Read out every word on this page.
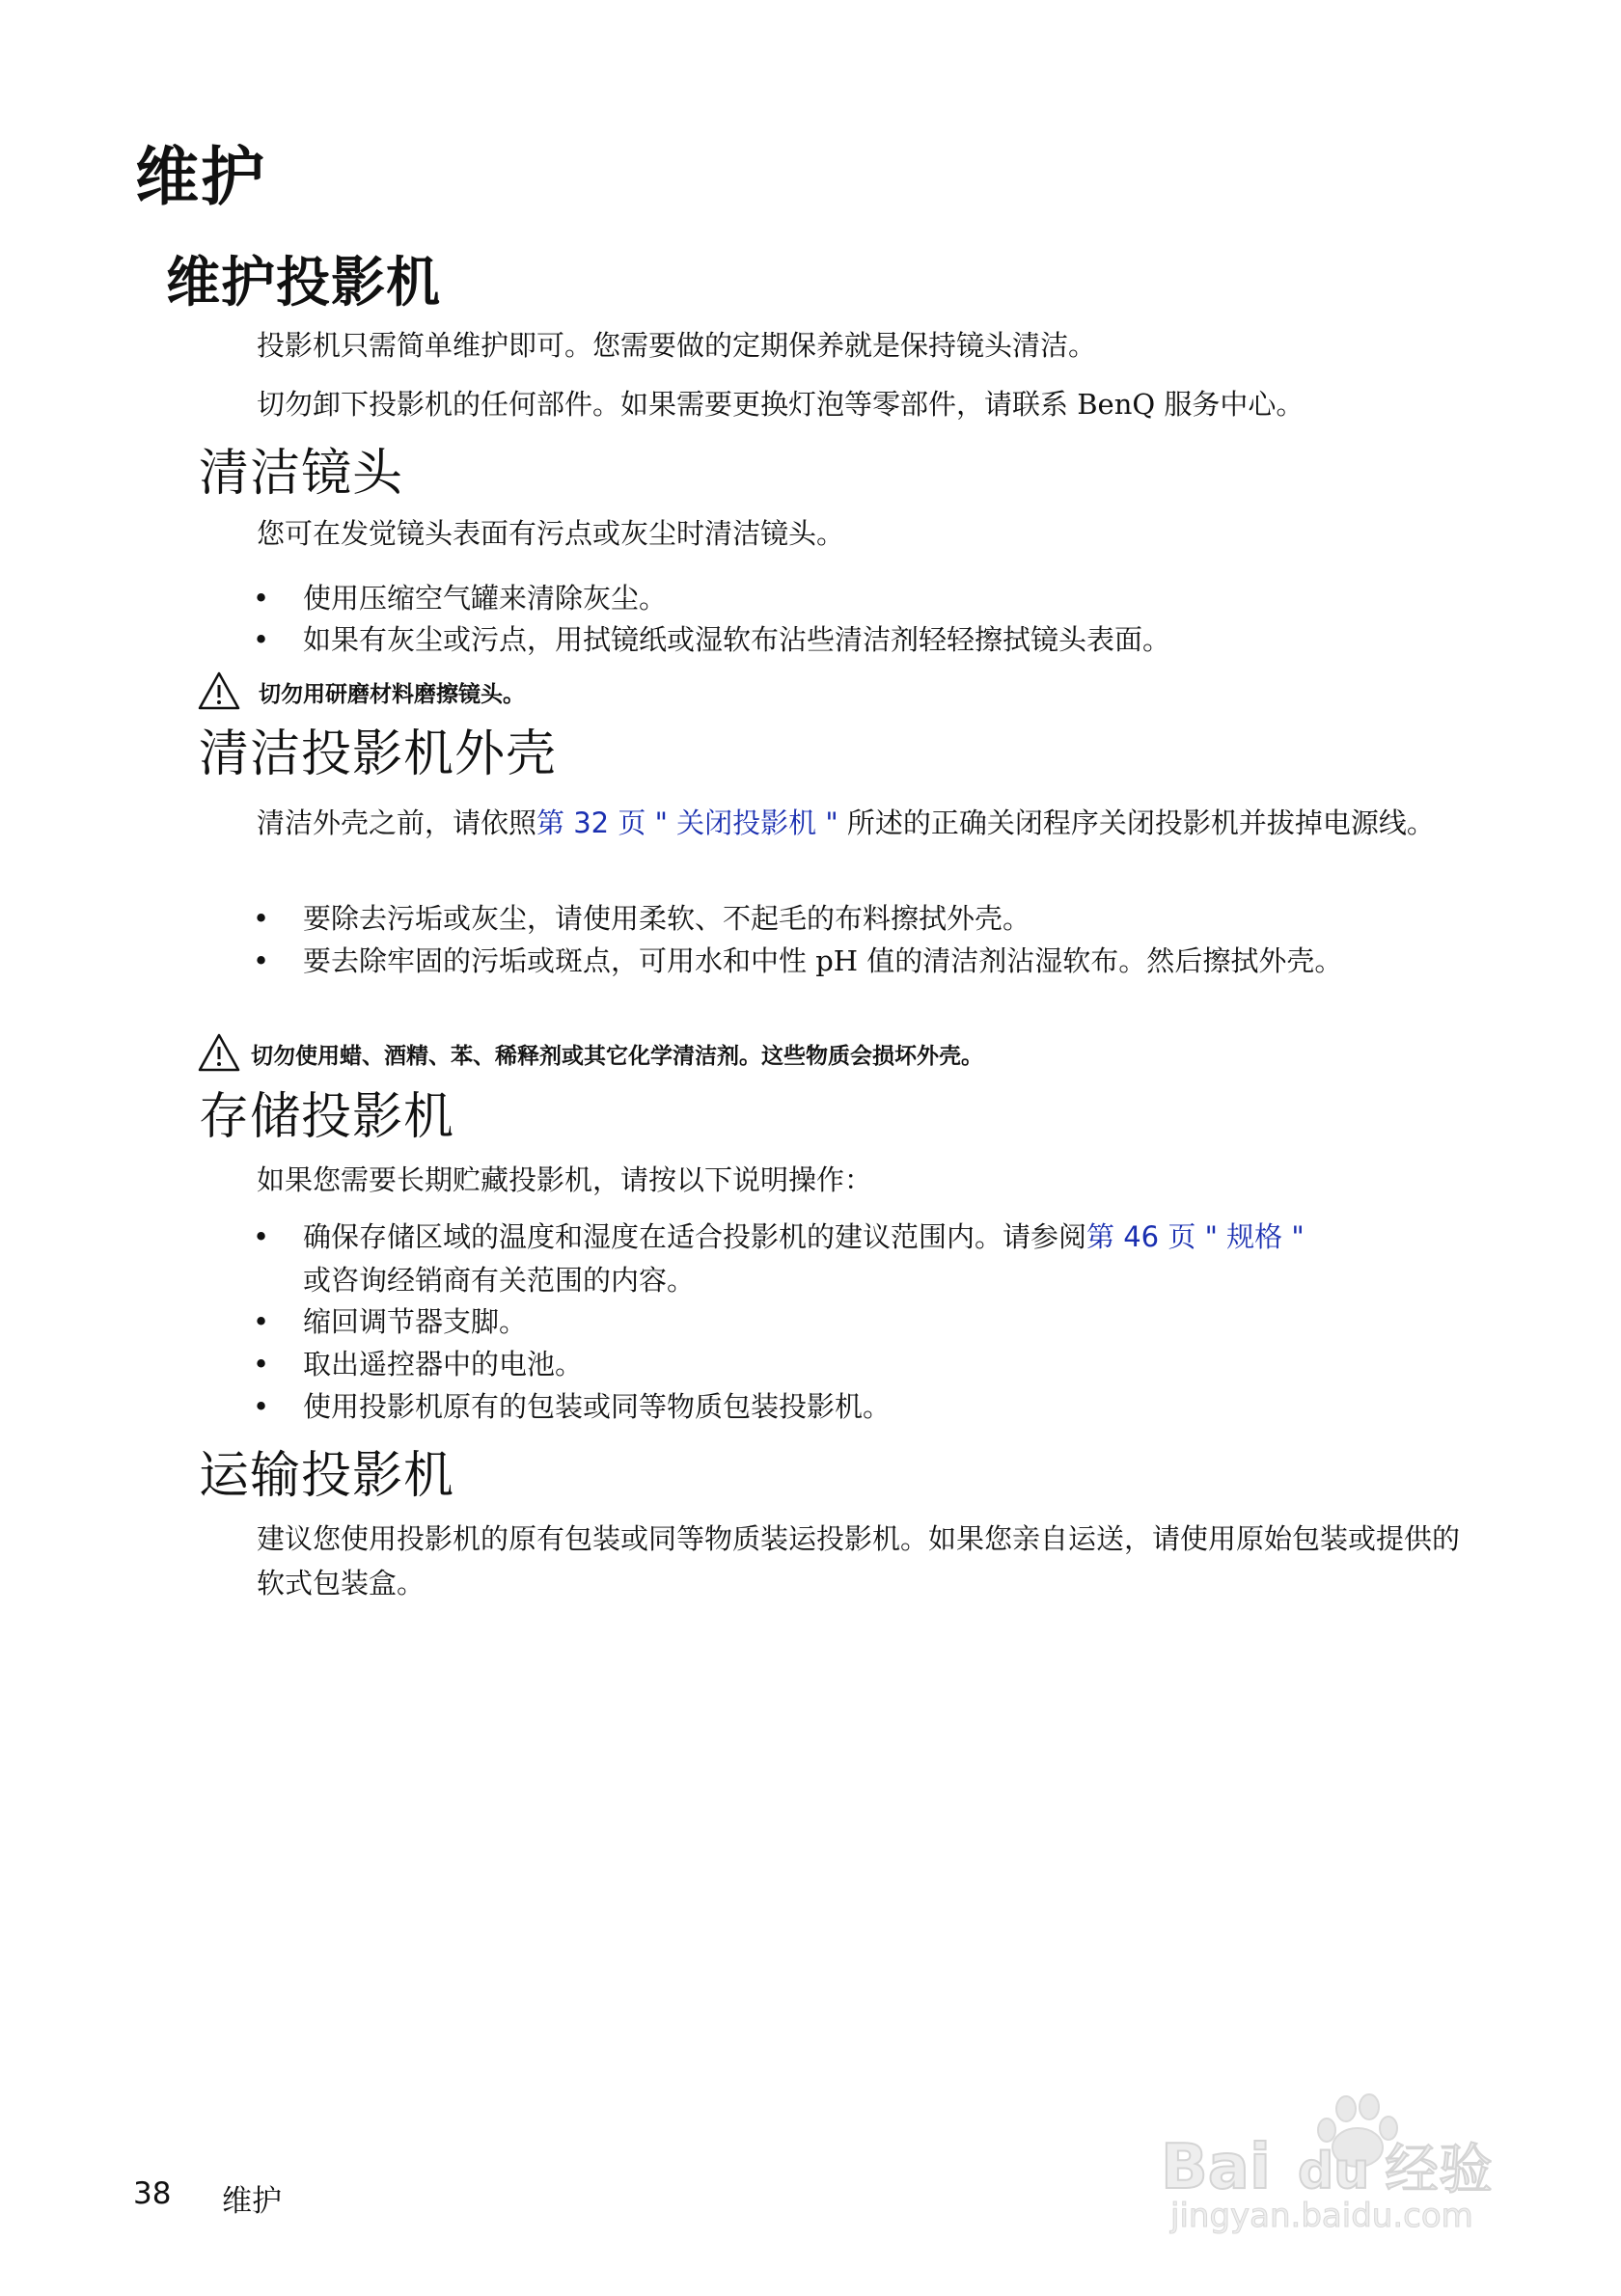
维护
维护投影机
投影机只需简单维护即可。您需要做的定期保养就是保持镜头清洁。
切勿卸下投影机的任何部件。如果需要更换灯泡等零部件，请联系 BenQ 服务中心。
清洁镜头
您可在发觉镜头表面有污点或灰尘时清洁镜头。
•	使用压缩空气罐来清除灰尘。
•	如果有灰尘或污点，用拭镜纸或湿软布沾些清洁剂轻轻擦拭镜头表面。
切勿用研磨材料磨擦镜头。
清洁投影机外壳
清洁外壳之前，请依照第 32 页 " 关闭投影机 " 所述的正确关闭程序关闭投影机并拔掉电源线。
•	要除去污垢或灰尘，请使用柔软、不起毛的布料擦拭外壳。
•	要去除牢固的污垢或斑点，可用水和中性 pH 值的清洁剂沾湿软布。然后擦拭外壳。
切勿使用蜡、酒精、苯、稀释剂或其它化学清洁剂。这些物质会损坏外壳。
存储投影机
如果您需要长期贮藏投影机，请按以下说明操作：
•	确保存储区域的温度和湿度在适合投影机的建议范围内。请参阅第 46 页 " 规格 "
或咨询经销商有关范围的内容。
•	缩回调节器支脚。
•	取出遥控器中的电池。
•	使用投影机原有的包装或同等物质包装投影机。
运输投影机
建议您使用投影机的原有包装或同等物质装运投影机。如果您亲自运送，请使用原始包装或提供的软式包装盒。
38 维护	Bai du 经验
jingyan.baidu.com
